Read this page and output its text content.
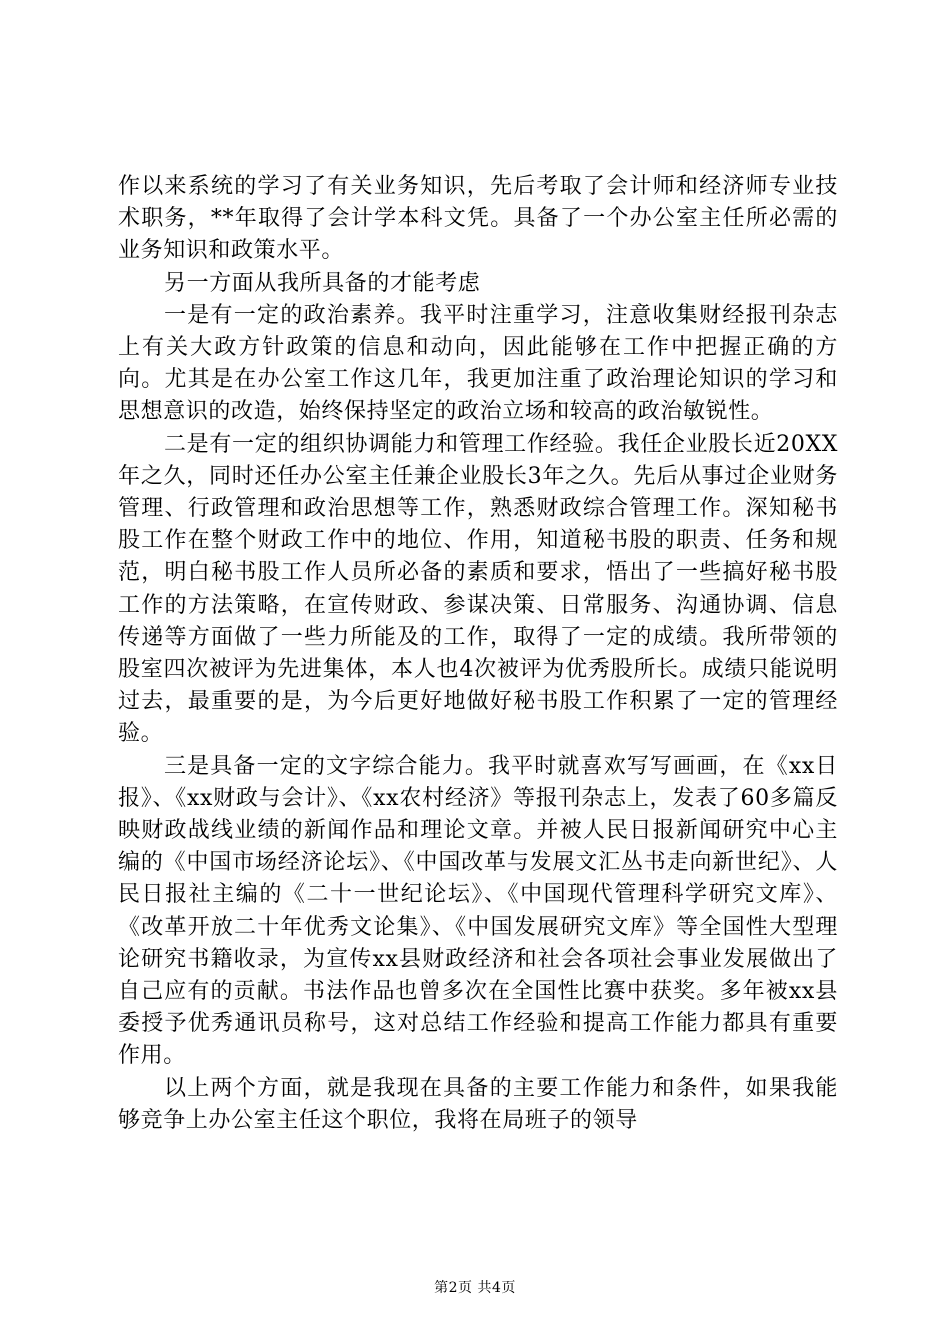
作以来系统的学习了有关业务知识，先后考取了会计师和经济师专业技术职务，**年取得了会计学本科文凭。具备了一个办公室主任所必需的业务知识和政策水平。

另一方面从我所具备的才能考虑

一是有一定的政治素养。我平时注重学习，注意收集财经报刊杂志上有关大政方针政策的信息和动向，因此能够在工作中把握正确的方向。尤其是在办公室工作这几年，我更加注重了政治理论知识的学习和思想意识的改造，始终保持坚定的政治立场和较高的政治敏锐性。

二是有一定的组织协调能力和管理工作经验。我任企业股长近20XX年之久，同时还任办公室主任兼企业股长3年之久。先后从事过企业财务管理、行政管理和政治思想等工作，熟悉财政综合管理工作。深知秘书股工作在整个财政工作中的地位、作用，知道秘书股的职责、任务和规范，明白秘书股工作人员所必备的素质和要求，悟出了一些搞好秘书股工作的方法策略，在宣传财政、参谋决策、日常服务、沟通协调、信息传递等方面做了一些力所能及的工作，取得了一定的成绩。我所带领的股室四次被评为先进集体，本人也4次被评为优秀股所长。成绩只能说明过去，最重要的是，为今后更好地做好秘书股工作积累了一定的管理经验。

三是具备一定的文字综合能力。我平时就喜欢写写画画，在《xx日报》、《xx财政与会计》、《xx农村经济》等报刊杂志上，发表了60多篇反映财政战线业绩的新闻作品和理论文章。并被人民日报新闻研究中心主编的《中国市场经济论坛》、《中国改革与发展文汇丛书走向新世纪》、人民日报社主编的《二十一世纪论坛》、《中国现代管理科学研究文库》、《改革开放二十年优秀文论集》、《中国发展研究文库》等全国性大型理论研究书籍收录，为宣传xx县财政经济和社会各项社会事业发展做出了自己应有的贡献。书法作品也曾多次在全国性比赛中获奖。多年被xx县委授予优秀通讯员称号，这对总结工作经验和提高工作能力都具有重要作用。

以上两个方面，就是我现在具备的主要工作能力和条件，如果我能够竞争上办公室主任这个职位，我将在局班子的领导

第2页 共4页
